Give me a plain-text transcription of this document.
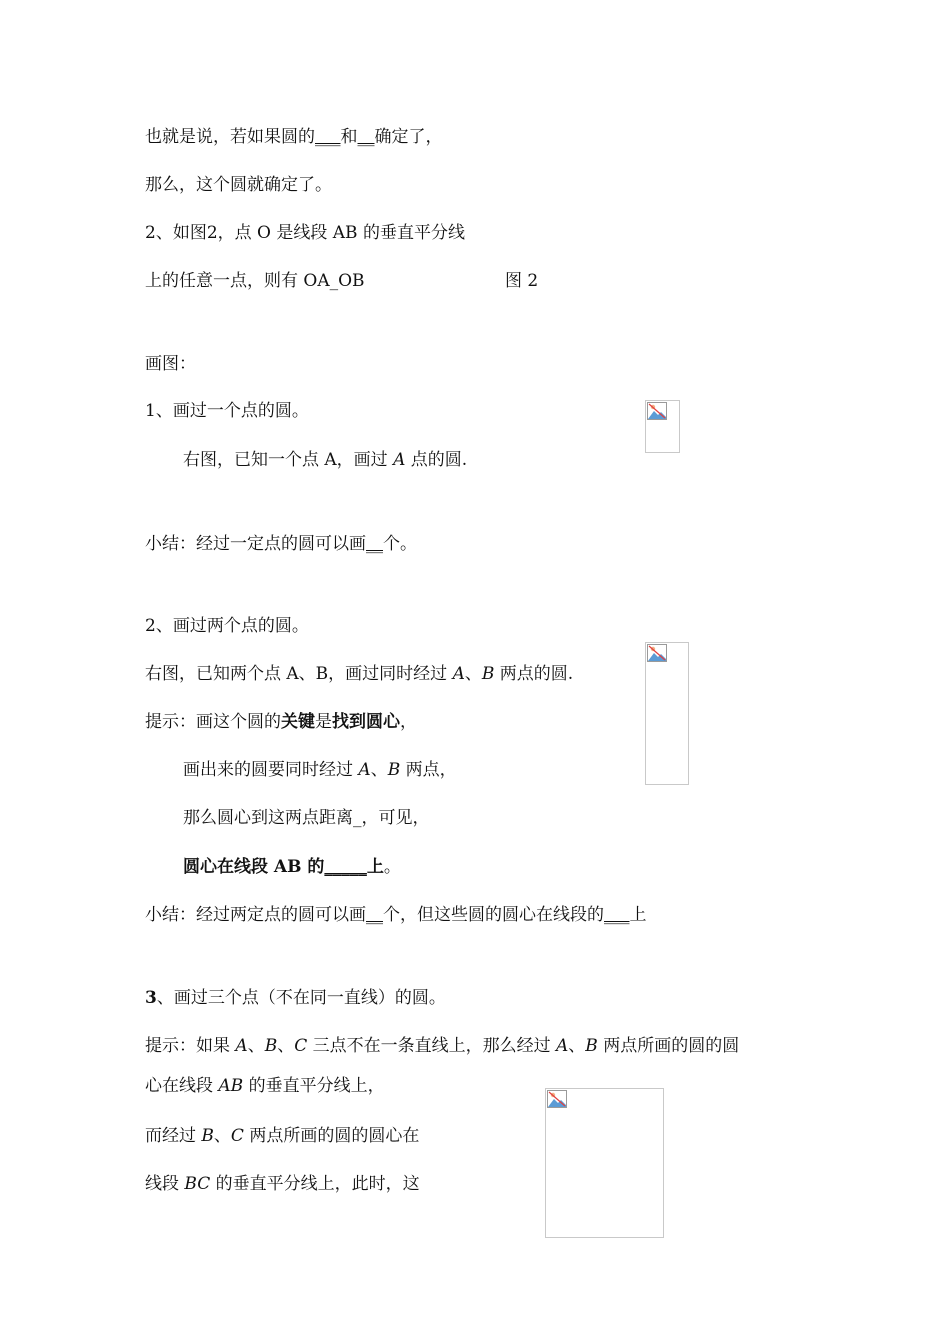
也就是说，若如果圆的___和__确定了，
那么，这个圆就确定了。
2、如图2，点 O 是线段 AB 的垂直平分线
上的任意一点，则有 OA_OB	图 2
画图：
1、画过一个点的圆。
右图，已知一个点 A，画过 A 点的圆.
小结：经过一定点的圆可以画__个。
2、画过两个点的圆。
右图，已知两个点 A、B，画过同时经过 A、B 两点的圆.
提示：画这个圆的关键是找到圆心，
画出来的圆要同时经过 A、B 两点，
那么圆心到这两点距离_，可见，
圆心在线段 AB 的_____上。
小结：经过两定点的圆可以画__个，但这些圆的圆心在线段的___上
3、画过三个点（不在同一直线）的圆。
提示：如果 A、B、C 三点不在一条直线上，那么经过 A、B 两点所画的圆的圆
心在线段 AB 的垂直平分线上，
而经过 B、C 两点所画的圆的圆心在
线段 BC 的垂直平分线上，此时，这
